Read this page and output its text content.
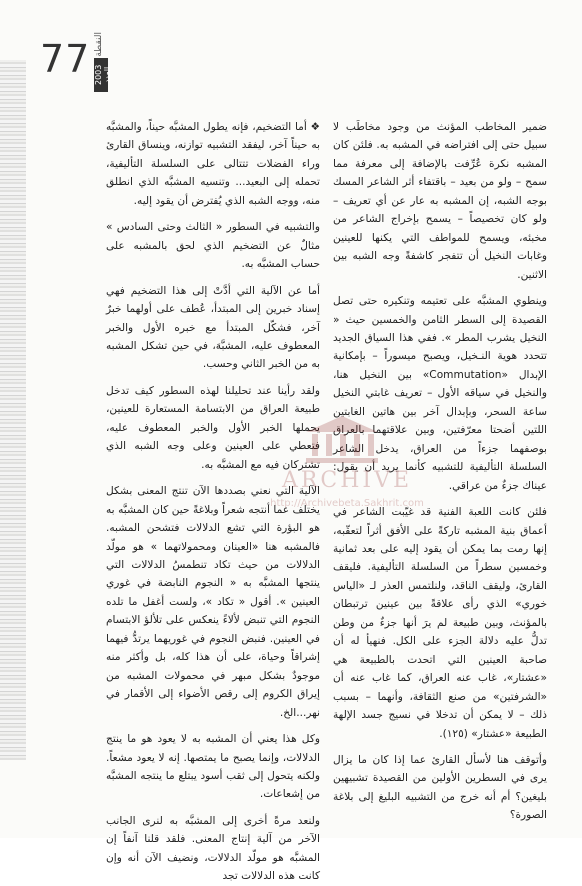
77 النقطة
2003 العدد

ضمير المخاطب المؤنث من وجود مخاطَب لا سبيل حتى إلى افتراضه في المشبه به. فلئن كان المشبه نكرة عُرِّفت بالإضافة إلى معرفة مما سمح – ولو من بعيد – باقتفاء أثر الشاعر المسك بوجه الشبه، إن المشبه به عار عن أي تعريف – ولو كان تخصيصاً – يسمح بإخراج الشاعر من مخبئه، ويسمح للمواطف التي يكنها للعينين وغابات النخيل أن تتفجر كاشفةً وجه الشبه بين الاثنين.

وينطوي المشبَّه على تعتيمه وتنكيره حتى تصل القصيدة إلى السطر الثامن والخمسين حيث « النخيل يشرب المطر ». ففي هذا السياق الجديد تتحدد هوية النـخيل، ويصبح ميسوراً – بإمكانية الإبدال «Commutation» بين النخيل هنا، والنخيل في سياقه الأول – تعريف غابتي النخيل ساعة السحر، وبإبدال آخر بين هاتين الغابتين اللتين أضحتا معرّفتين، وبين علاقتهما بالعراق بوصفهما جزءاً من العراق، يدخل الشاعر السلسلة التأليفية للتشبيه كأنما يريد أن يقول: عيناك جزءٌ من عراقي.

فلئن كانت اللعبة الفنية قد غيّبت الشاعر في أعماق بنية المشبه تاركةً على الأفق أثراً لتعقّبه، إنها رمت بما يمكن أن يقود إليه على بعد ثمانية وخمسين سطراً من السلسلة التأليفية. فليقف القارئ، وليقف الناقد، ولنلتمس العذر لـ «الياس خوري» الذي رأى علاقةً بين عينين ترتبطان بالمؤنث، وبين طبيعة لم يرَ أنها جزءٌ من وطن تدلُّ عليه دلالة الجزء على الكل. فنهيأ له أن صاحبة العينين التي اتحدت بالطبيعة هي «عشتار»، غاب عنه العراق، كما غاب عنه أن «الشرفتين» من صنع الثقافة، وأنهما – بسبب ذلك – لا يمكن أن تدخلا في نسيج جسد الإلهة الطبيعة «عشتار» (١٢٥).

وأتوقف هنا لأسأل القارئ عما إذا كان ما يزال يرى في السطرين الأولين من القصيدة تشبيهين بليغين؟ أم أنه خرج من التشبيه البليغ إلى بلاغة الصورة؟

❖ أما التضخيم، فإنه يطول المشبَّه حيناً، والمشبَّه به حيناً آخر، ليفقد التشبيه توازنه، وينساق القارئ وراء الفضلات تتتالى على السلسلة التأليفية، تحمله إلى البعيد... وتنسيه المشبَّه الذي انطلق منه، ووجه الشبه الذي يُفترض أن يقود إليه.

والتشبيه في السطور « الثالث وحتى السادس » مثالٌ عن التضخيم الذي لحق بالمشبه على حساب المشبَّه به.

أما عن الآلية التي أدَّتْ إلى هذا التضخيم فهي إسناد خبرين إلى المبتدأ، عُطف على أولهما خبرٌ آخر، فشكّل المبتدأ مع خبره الأول والخبر المعطوف عليه، المشبَّهَ، في حين تشكل المشبه به من الخبر الثاني وحسب.

ولقد رأينا عند تحليلنا لهذه السطور كيف تدخل طبيعة العراق من الابتسامة المستعارة للعينين، يحملها الخبر الأول والخبر المعطوف عليه، فتعطي على العينين وعلى وجه الشبه الذي تشتركان فيه مع المشبَّه به.

الآلية التي نعني بصددها الآن تنتج المعنى بشكل يختلف عما أنتجه شعراً وبلاغةً حين كان المشبَّه به هو البؤرة التي تشع الدلالات فتشحن المشبه. فالمشبه هنا «العينان ومحمولاتهما » هو مولّد الدلالات من حيث تكاد تنطمسُ الدلالات التي ينتجها المشبَّه به « النجوم النابضة في غوري العينين ». أقول « تكاد »، ولست أغفل ما تلده النجوم التي تنبض لألاءً ينعكس على تلألؤ الابتسام في العينين. فنبض النجوم في غوريهما يرتدُّ فيهما إشراقاً وحياة، على أن هذا كله، بل وأكثر منه موجودٌ بشكل مبهر في محمولات المشبه من إيراق الكروم إلى رقص الأضواء إلى الأقمار في نهر...الخ.

وكل هذا يعني أن المشبه به لا يعود هو ما ينتج الدلالات، وإنما يصبح ما يمتصها. إنه لا يعود مشعاً. ولكنه يتحول إلى ثقب أسود يبتلع ما ينتجه المشبَّه من إشعاعات.

ولنعد مرةً أخرى إلى المشبَّه به لنرى الجانب الآخر من آلية إنتاج المعنى. فلقد قلنا آنفاً إن المشبَّه هو مولّد الدلالات، ونضيف الآن أنه وإن كانت هذه الدلالات تجد

ARCHIVE
http://Archivebeta.Sakhrit.com
